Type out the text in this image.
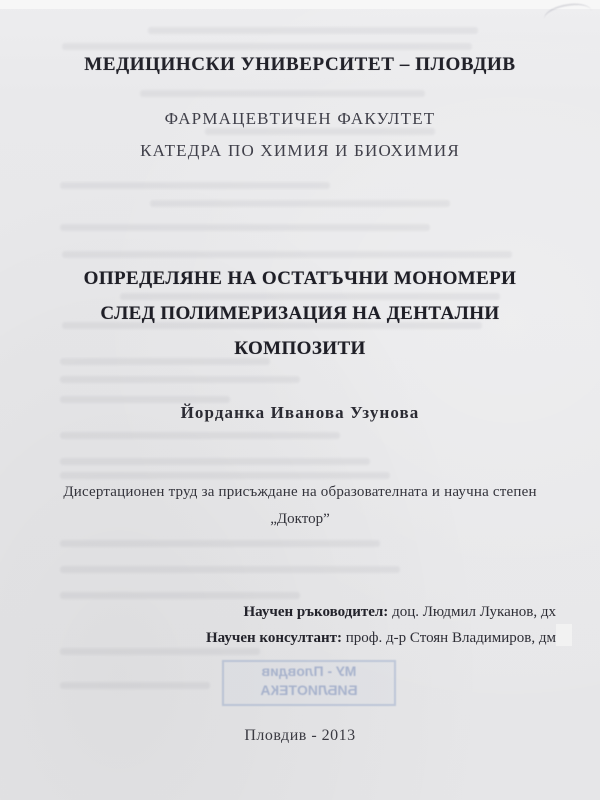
МЕДИЦИНСКИ УНИВЕРСИТЕТ – ПЛОВДИВ
ФАРМАЦЕВТИЧЕН ФАКУЛТЕТ
КАТЕДРА ПО ХИМИЯ И БИОХИМИЯ
ОПРЕДЕЛЯНЕ НА ОСТАТЪЧНИ МОНОМЕРИ
СЛЕД ПОЛИМЕРИЗАЦИЯ НА ДЕНТАЛНИ
КОМПОЗИТИ
Йорданка Иванова Узунова
Дисертационен труд за присъждане на образователната и научна степен
„Доктор”
Научен ръководител: доц. Людмил Луканов, дх
Научен консултант: проф. д-р Стоян Владимиров, дм
МУ - Пловдив
БИБЛИОТЕКА
Пловдив - 2013
